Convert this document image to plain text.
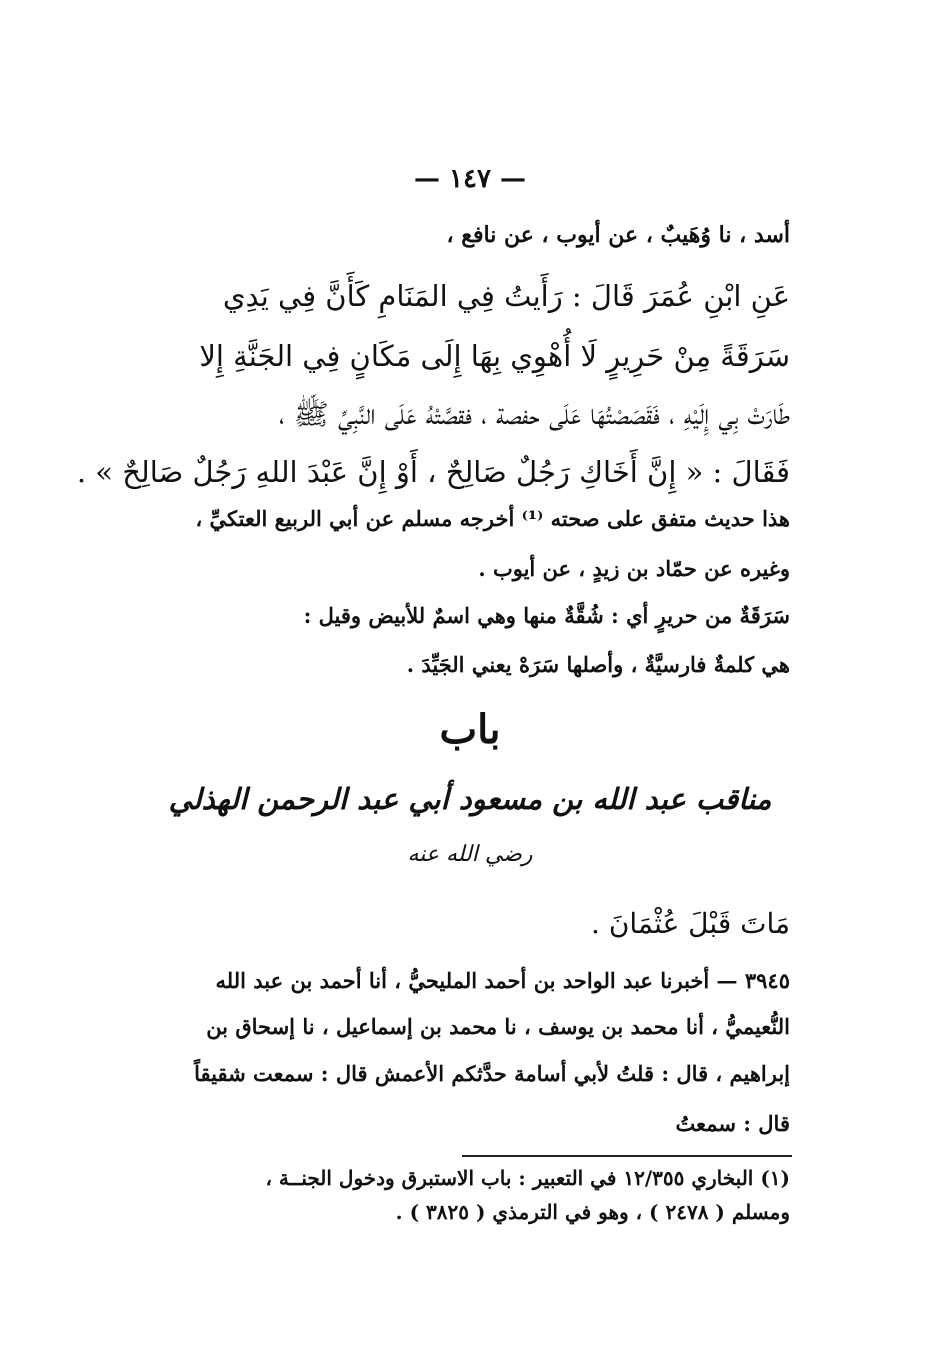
— ١٤٧ —
أسد ، نا وُهَيبٌ ، عن أيوب ، عن نافع ،
عَنِ ابْنِ عُمَرَ قَالَ : رَأَيتُ فِي المَنَامِ كَأَنَّ فِي يَدِي
سَرَقَةً مِنْ حَرِيرٍ لَا أُهْوِي بِهَا إِلَى مَكَانٍ فِي الجَنَّةِ إِلا
طَارَتْ بِي إِلَيْهِ ، فَقَصَصْتُهَا عَلَى حفصة ، فقصَّتْهُ عَلَى النَّبِيِّ ﷺ ،
فَقَالَ : « إِنَّ أَخَاكِ رَجُلٌ صَالِحٌ ، أَوْ إِنَّ عَبْدَ اللهِ رَجُلٌ صَالِحٌ » .
هذا حديث متفق على صحته ⁽¹⁾ أخرجه مسلم عن أبي الربيع العتكيِّ ،
وغيره عن حمّاد بن زيدٍ ، عن أيوب .
سَرَقَةٌ من حريرٍ أي : شُقَّةٌ منها وهي اسمٌ للأبيض وقيل :
هي كلمةٌ فارسيَّةٌ ، وأصلها سَرَهْ يعني الجَيِّدَ .
باب
مناقب عبد الله بن مسعود أبي عبد الرحمن الهذلي
رضي الله عنه
مَاتَ قَبْلَ عُثْمَانَ .
٣٩٤٥ — أخبرنا عبد الواحد بن أحمد المليحيُّ ، أنا أحمد بن عبد الله
النُّعيميُّ ، أنا محمد بن يوسف ، نا محمد بن إسماعيل ، نا إسحاق بن
إبراهيم ، قال : قلتُ لأبي أسامة حدَّثكم الأعمش قال : سمعت شقيقاً
قال : سمعتُ
(١) البخاري ١٢/٣٥٥ في التعبير : باب الاستبرق ودخول الجنــة ،
ومسلم ( ٢٤٧٨ ) ، وهو في الترمذي ( ٣٨٢٥ ) .
